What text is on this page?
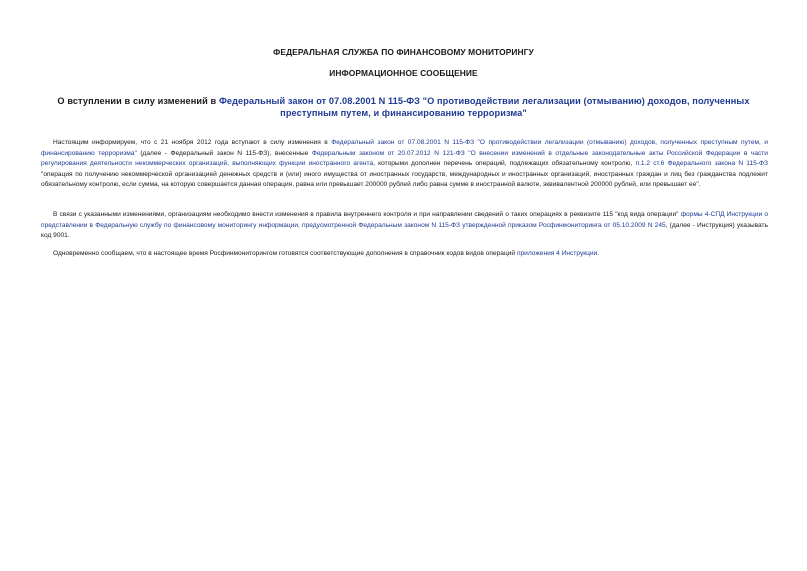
ФЕДЕРАЛЬНАЯ СЛУЖБА ПО ФИНАНСОВОМУ МОНИТОРИНГУ
ИНФОРМАЦИОННОЕ СООБЩЕНИЕ
О вступлении в силу изменений в Федеральный закон от 07.08.2001 N 115-ФЗ "О противодействии легализации (отмыванию) доходов, полученных преступным путем, и финансированию терроризма"

Настоящим информируем, что с 21 ноября 2012 года вступают в силу изменения в Федеральный закон от 07.08.2001 N 115-ФЗ "О противодействии легализации (отмыванию) доходов, полученных преступным путем, и финансированию терроризма" (далее - Федеральный закон N 115-ФЗ), внесенные Федеральным законом от 20.07.2012 N 121-ФЗ "О внесении изменений в отдельные законодательные акты Российской Федерации в части регулирования деятельности некоммерческих организаций, выполняющих функции иностранного агента, которыми дополнен перечень операций, подлежащих обязательному контролю, п.1.2 ст.6 Федерального закона N 115-ФЗ "операция по получению некоммерческой организацией денежных средств и (или) иного имущества от иностранных государств, международных и иностранных организаций, иностранных граждан и лиц без гражданства подлежит обязательному контролю, если сумма, на которую совершается данная операция, равна или превышает 200000 рублей либо равна сумме в иностранной валюте, эквивалентной 200000 рублей, или превышает ее".

В связи с указанными изменениями, организациям необходимо внести изменения в правила внутреннего контроля и при направлении сведений о таких операциях в реквизите 115 "код вида операции" формы 4-СПД Инструкции о представлении в Федеральную службу по финансовому мониторингу информации, предусмотренной Федеральным законом N 115-ФЗ утвержденной приказом Росфинмониторинга от 05.10.2009 N 245, (далее - Инструкция) указывать код 9001.

Одновременно сообщаем, что в настоящее время Росфинмониторингом готовятся соответствующие дополнения в справочник кодов видов операций приложения 4 Инструкции.
